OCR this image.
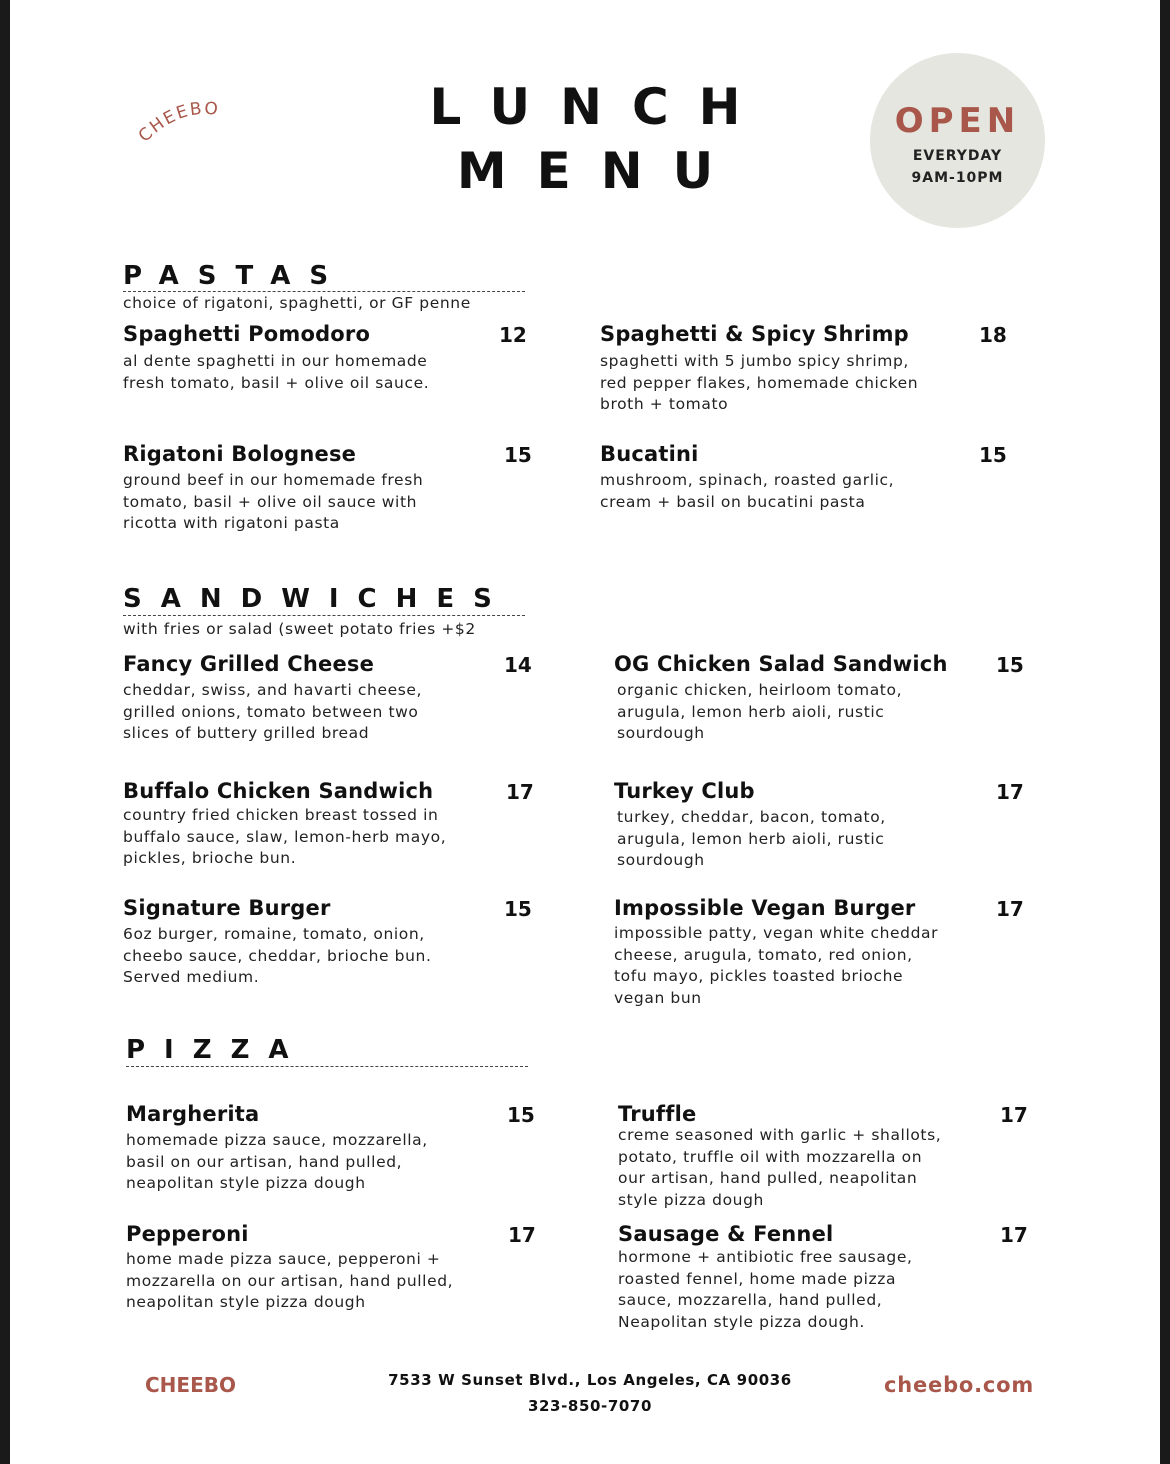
CHEEBO	LUNCH
MENU
OPEN
EVERYDAY
9AM-10PM
PASTAS
choice of rigatoni, spaghetti, or GF penne
Spaghetti Pomodoro	12
al dente spaghetti in our homemade
fresh tomato, basil + olive oil sauce.
Spaghetti & Spicy Shrimp	18
spaghetti with 5 jumbo spicy shrimp,
red pepper flakes, homemade chicken
broth + tomato
Rigatoni Bolognese	15
ground beef in our homemade fresh
tomato, basil + olive oil sauce with
ricotta with rigatoni pasta
Bucatini	15
mushroom, spinach, roasted garlic,
cream + basil on bucatini pasta
SANDWICHES
with fries or salad (sweet potato fries +$2
Fancy Grilled Cheese	14
cheddar, swiss, and havarti cheese,
grilled onions, tomato between two
slices of buttery grilled bread
OG Chicken Salad Sandwich 15
organic chicken, heirloom tomato,
arugula, lemon herb aioli, rustic
sourdough
Buffalo Chicken Sandwich	17
country fried chicken breast tossed in
buffalo sauce, slaw, lemon-herb mayo,
pickles, brioche bun.
Turkey Club	17
turkey, cheddar, bacon, tomato,
arugula, lemon herb aioli, rustic
sourdough
Signature Burger	15
6oz burger, romaine, tomato, onion,
cheebo sauce, cheddar, brioche bun.
Served medium.
Impossible Vegan Burger	17
impossible patty, vegan white cheddar
cheese, arugula, tomato, red onion,
tofu mayo, pickles toasted brioche
vegan bun
PIZZA
Margherita	15
homemade pizza sauce, mozzarella,
basil on our artisan, hand pulled,
neapolitan style pizza dough
Truffle	17
creme seasoned with garlic + shallots,
potato, truffle oil with mozzarella on
our artisan, hand pulled, neapolitan
style pizza dough
Pepperoni	17
home made pizza sauce, pepperoni +
mozzarella on our artisan, hand pulled,
neapolitan style pizza dough
Sausage & Fennel	17
hormone + antibiotic free sausage,
roasted fennel, home made pizza
sauce, mozzarella, hand pulled,
Neapolitan style pizza dough.
CHEEBO	7533 W Sunset Blvd., Los Angeles, CA 90036
323-850-7070
cheebo.com
